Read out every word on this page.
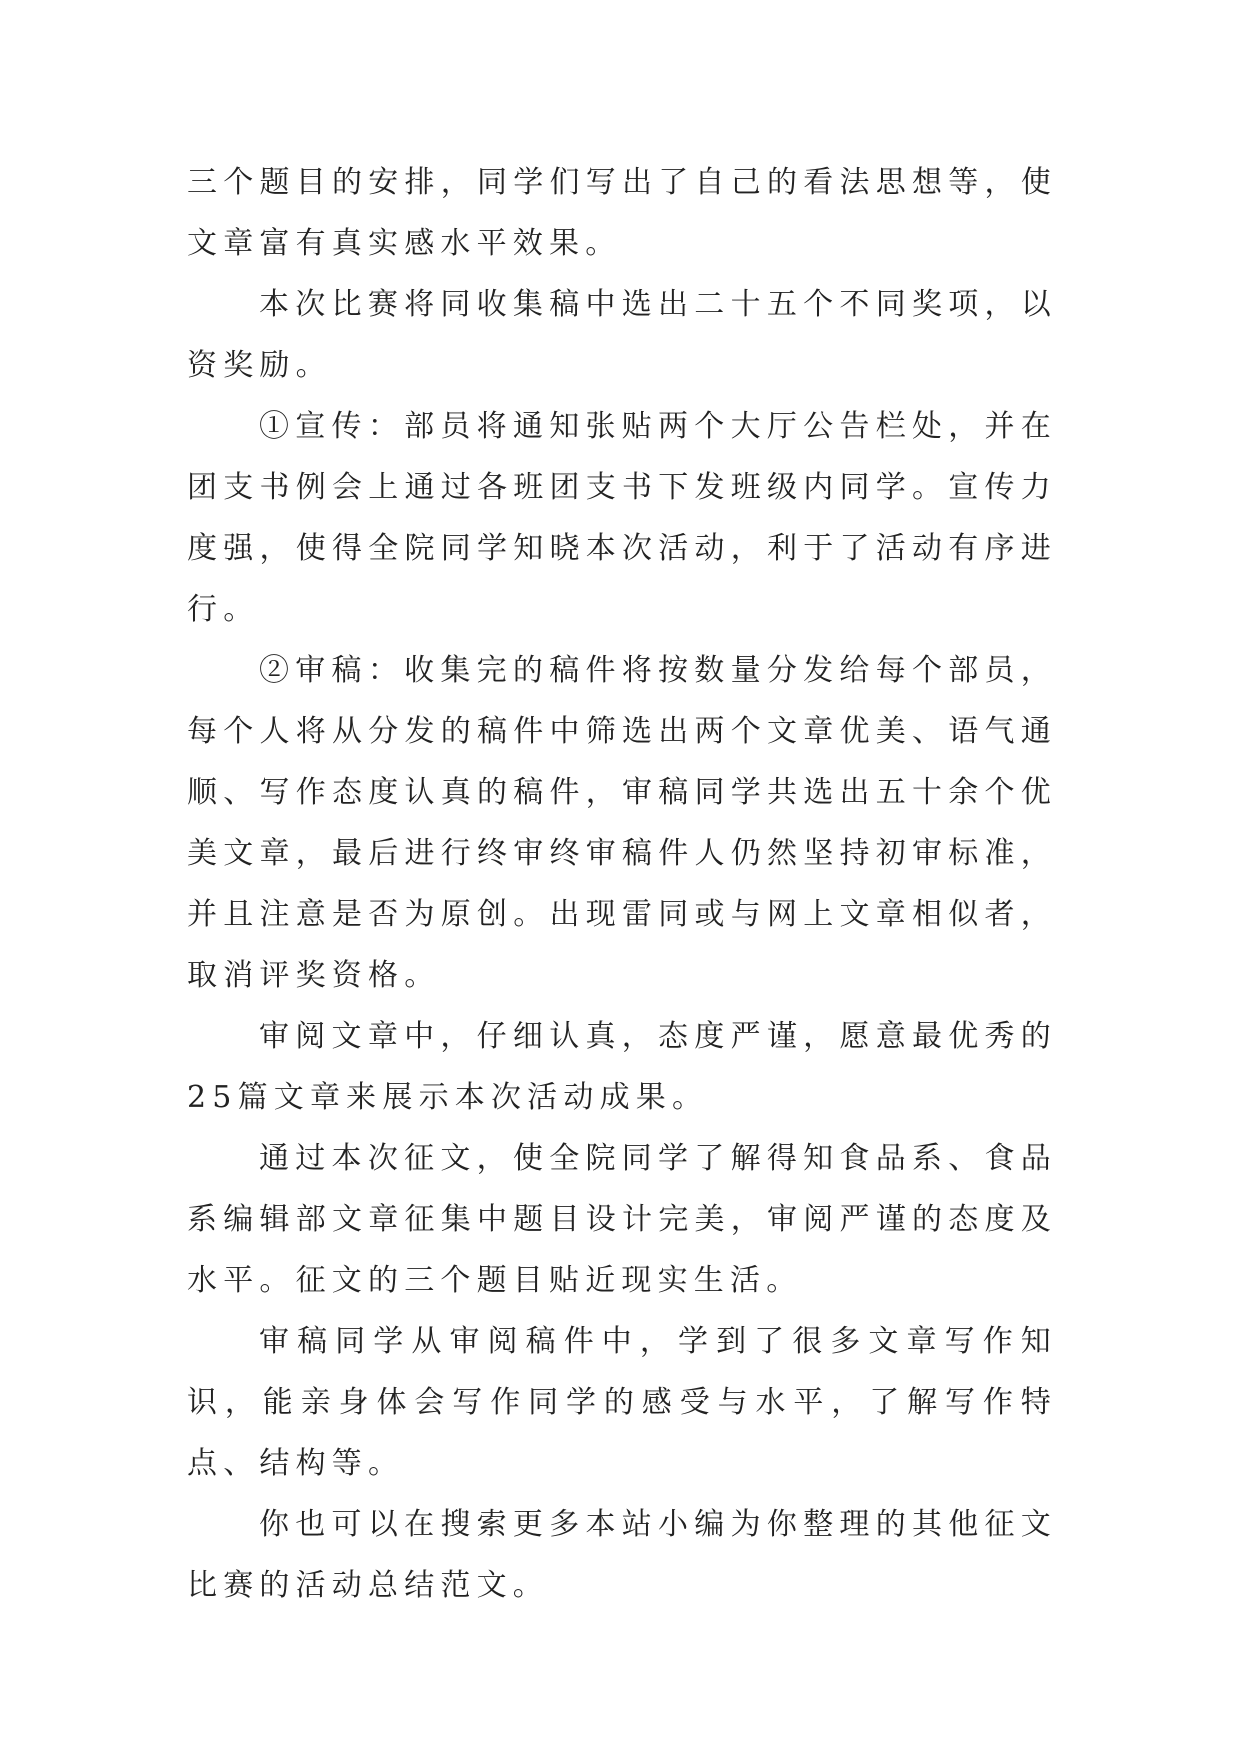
三个题目的安排，同学们写出了自己的看法思想等，使文章富有真实感水平效果。

本次比赛将同收集稿中选出二十五个不同奖项，以资奖励。

①宣传：部员将通知张贴两个大厅公告栏处，并在团支书例会上通过各班团支书下发班级内同学。宣传力度强，使得全院同学知晓本次活动，利于了活动有序进行。

②审稿：收集完的稿件将按数量分发给每个部员，每个人将从分发的稿件中筛选出两个文章优美、语气通顺、写作态度认真的稿件，审稿同学共选出五十余个优美文章，最后进行终审终审稿件人仍然坚持初审标准，并且注意是否为原创。出现雷同或与网上文章相似者，取消评奖资格。

审阅文章中，仔细认真，态度严谨，愿意最优秀的25篇文章来展示本次活动成果。

通过本次征文，使全院同学了解得知食品系、食品系编辑部文章征集中题目设计完美，审阅严谨的态度及水平。征文的三个题目贴近现实生活。

审稿同学从审阅稿件中，学到了很多文章写作知识，能亲身体会写作同学的感受与水平，了解写作特点、结构等。

你也可以在搜索更多本站小编为你整理的其他征文比赛的活动总结范文。
